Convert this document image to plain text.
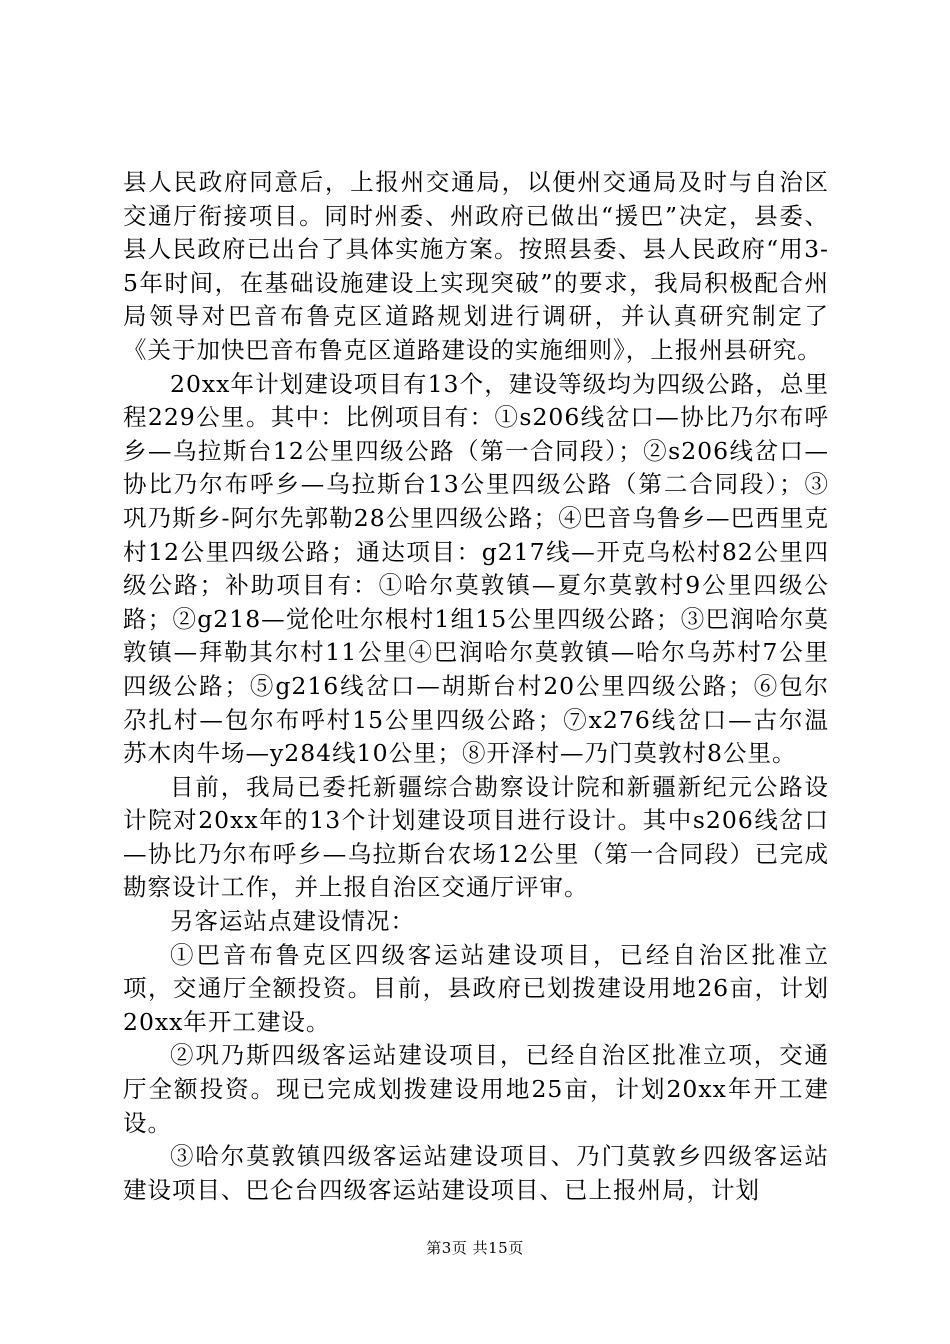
县人民政府同意后，上报州交通局，以便州交通局及时与自治区交通厅衔接项目。同时州委、州政府已做出“援巴”决定，县委、县人民政府已出台了具体实施方案。按照县委、县人民政府“用3-5年时间，在基础设施建设上实现突破”的要求，我局积极配合州局领导对巴音布鲁克区道路规划进行调研，并认真研究制定了《关于加快巴音布鲁克区道路建设的实施细则》，上报州县研究。

20xx年计划建设项目有13个，建设等级均为四级公路，总里程229公里。其中：比例项目有：①s206线岔口—协比乃尔布呼乡—乌拉斯台12公里四级公路（第一合同段）；②s206线岔口—协比乃尔布呼乡—乌拉斯台13公里四级公路（第二合同段）；③巩乃斯乡-阿尔先郭勒28公里四级公路；④巴音乌鲁乡—巴西里克村12公里四级公路；通达项目：g217线—开克乌松村82公里四级公路；补助项目有：①哈尔莫敦镇—夏尔莫敦村9公里四级公路；②g218—觉伦吐尔根村1组15公里四级公路；③巴润哈尔莫敦镇—拜勒其尔村11公里④巴润哈尔莫敦镇—哈尔乌苏村7公里四级公路；⑤g216线岔口—胡斯台村20公里四级公路；⑥包尔尕扎村—包尔布呼村15公里四级公路；⑦x276线岔口—古尔温苏木肉牛场—y284线10公里；⑧开泽村—乃门莫敦村8公里。

目前，我局已委托新疆综合勘察设计院和新疆新纪元公路设计院对20xx年的13个计划建设项目进行设计。其中s206线岔口—协比乃尔布呼乡—乌拉斯台农场12公里（第一合同段）已完成勘察设计工作，并上报自治区交通厅评审。

另客运站点建设情况：

①巴音布鲁克区四级客运站建设项目，已经自治区批准立项，交通厅全额投资。目前，县政府已划拨建设用地26亩，计划20xx年开工建设。

②巩乃斯四级客运站建设项目，已经自治区批准立项，交通厅全额投资。现已完成划拨建设用地25亩，计划20xx年开工建设。

③哈尔莫敦镇四级客运站建设项目、乃门莫敦乡四级客运站建设项目、巴仑台四级客运站建设项目、已上报州局，计划

第3页 共15页
